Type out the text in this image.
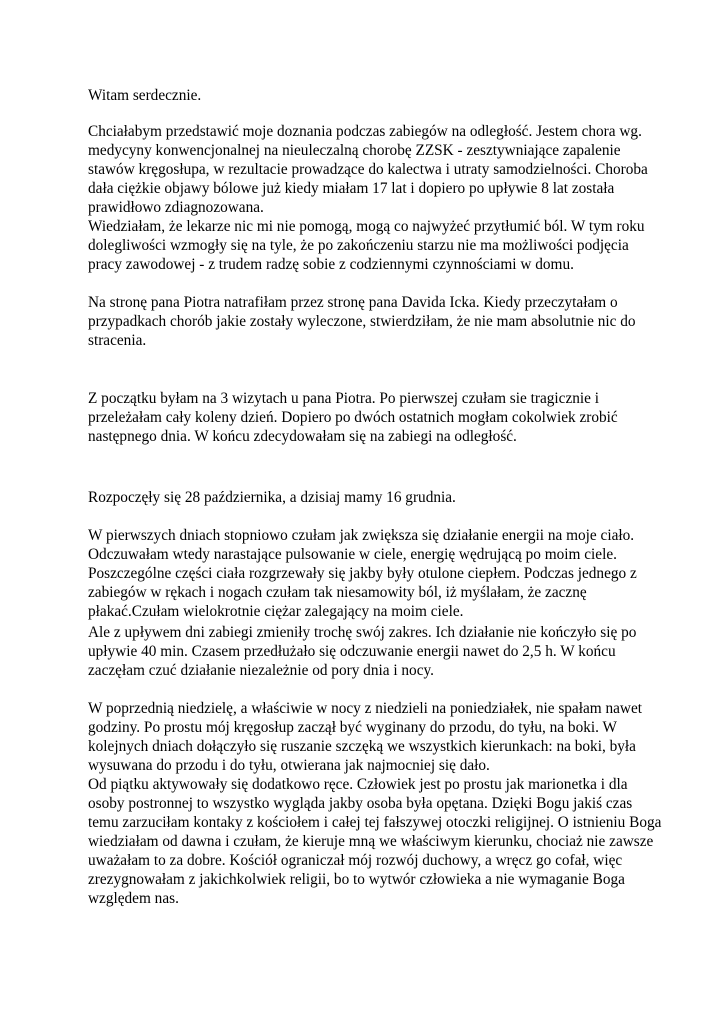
Witam serdecznie.

Chciałabym przedstawić moje doznania podczas zabiegów na odległość. Jestem chora wg.
medycyny konwencjonalnej na nieuleczalną chorobę ZZSK - zesztywniające zapalenie
stawów kręgosłupa, w rezultacie prowadzące do kalectwa i utraty samodzielności. Choroba
dała ciężkie objawy bólowe już kiedy miałam 17 lat i dopiero po upływie 8 lat została
prawidłowo zdiagnozowana.

Wiedziałam, że lekarze nic mi nie pomogą, mogą co najwyżeć przytłumić ból. W tym roku
dolegliwości wzmogły się na tyle, że po zakończeniu starzu nie ma możliwości podjęcia
pracy zawodowej - z trudem radzę sobie z codziennymi czynnościami w domu.

Na stronę pana Piotra natrafiłam przez stronę pana Davida Icka. Kiedy przeczytałam o
przypadkach chorób jakie zostały wyleczone, stwierdziłam, że nie mam absolutnie nic do
stracenia.

Z początku byłam na 3 wizytach u pana Piotra. Po pierwszej czułam sie tragicznie i
przeleżałam cały koleny dzień. Dopiero po dwóch ostatnich mogłam cokolwiek zrobić
następnego dnia. W końcu zdecydowałam się na zabiegi na odległość.

Rozpoczęły się 28 października, a dzisiaj mamy 16 grudnia.

W pierwszych dniach stopniowo czułam jak zwiększa się działanie energii na moje ciało.
Odczuwałam wtedy narastające pulsowanie w ciele, energię wędrującą po moim ciele.
Poszczególne części ciała rozgrzewały się jakby były otulone ciepłem. Podczas jednego z
zabiegów w rękach i nogach czułam tak niesamowity ból, iż myślałam, że zacznę
płakać.Czułam wielokrotnie ciężar zalegający na moim ciele.

Ale z upływem dni zabiegi zmieniły trochę swój zakres. Ich działanie nie kończyło się po
upływie 40 min. Czasem przedłużało się odczuwanie energii nawet do 2,5 h. W końcu
zaczęłam czuć działanie niezależnie od pory dnia i nocy.

W poprzednią niedzielę, a właściwie w nocy z niedzieli na poniedziałek, nie spałam nawet
godziny. Po prostu mój kręgosłup zaczął być wyginany do przodu, do tyłu, na boki. W
kolejnych dniach dołączyło się ruszanie szczęką we wszystkich kierunkach: na boki, była
wysuwana do przodu i do tyłu, otwierana jak najmocniej się dało.

Od piątku aktywowały się dodatkowo ręce. Człowiek jest po prostu jak marionetka i dla
osoby postronnej to wszystko wygląda jakby osoba była opętana. Dzięki Bogu jakiś czas
temu zarzuciłam kontaky z kościołem i całej tej fałszywej otoczki religijnej. O istnieniu Boga
wiedziałam od dawna i czułam, że kieruje mną we właściwym kierunku, chociaż nie zawsze
uważałam to za dobre. Kościół ograniczał mój rozwój duchowy, a wręcz go cofał, więc
zrezygnowałam z jakichkolwiek religii, bo to wytwór człowieka a nie wymaganie Boga
względem nas.
